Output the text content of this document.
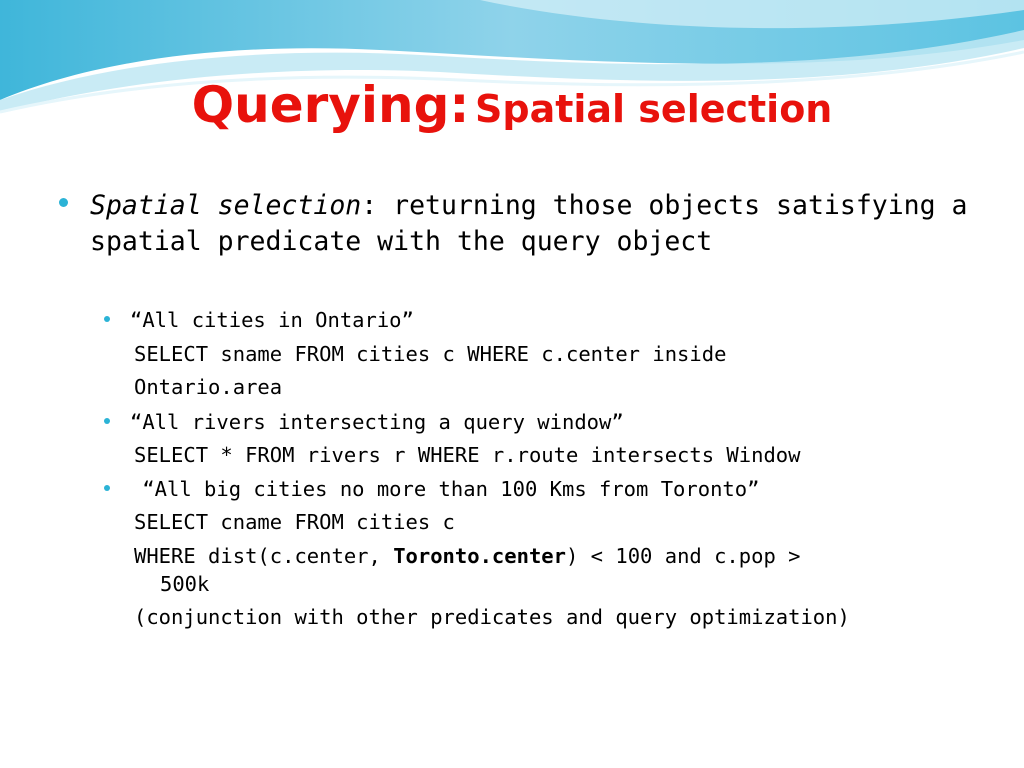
Querying: Spatial selection
Spatial selection: returning those objects satisfying a spatial predicate with the query object
“All cities in Ontario”
SELECT sname FROM cities c WHERE c.center inside
Ontario.area
“All rivers intersecting a query window”
SELECT * FROM rivers r WHERE r.route intersects Window
“All big cities no more than 100 Kms from Toronto”
SELECT cname FROM cities c
WHERE dist(c.center, Toronto.center) < 100 and c.pop >
500k
(conjunction with other predicates and query optimization)
